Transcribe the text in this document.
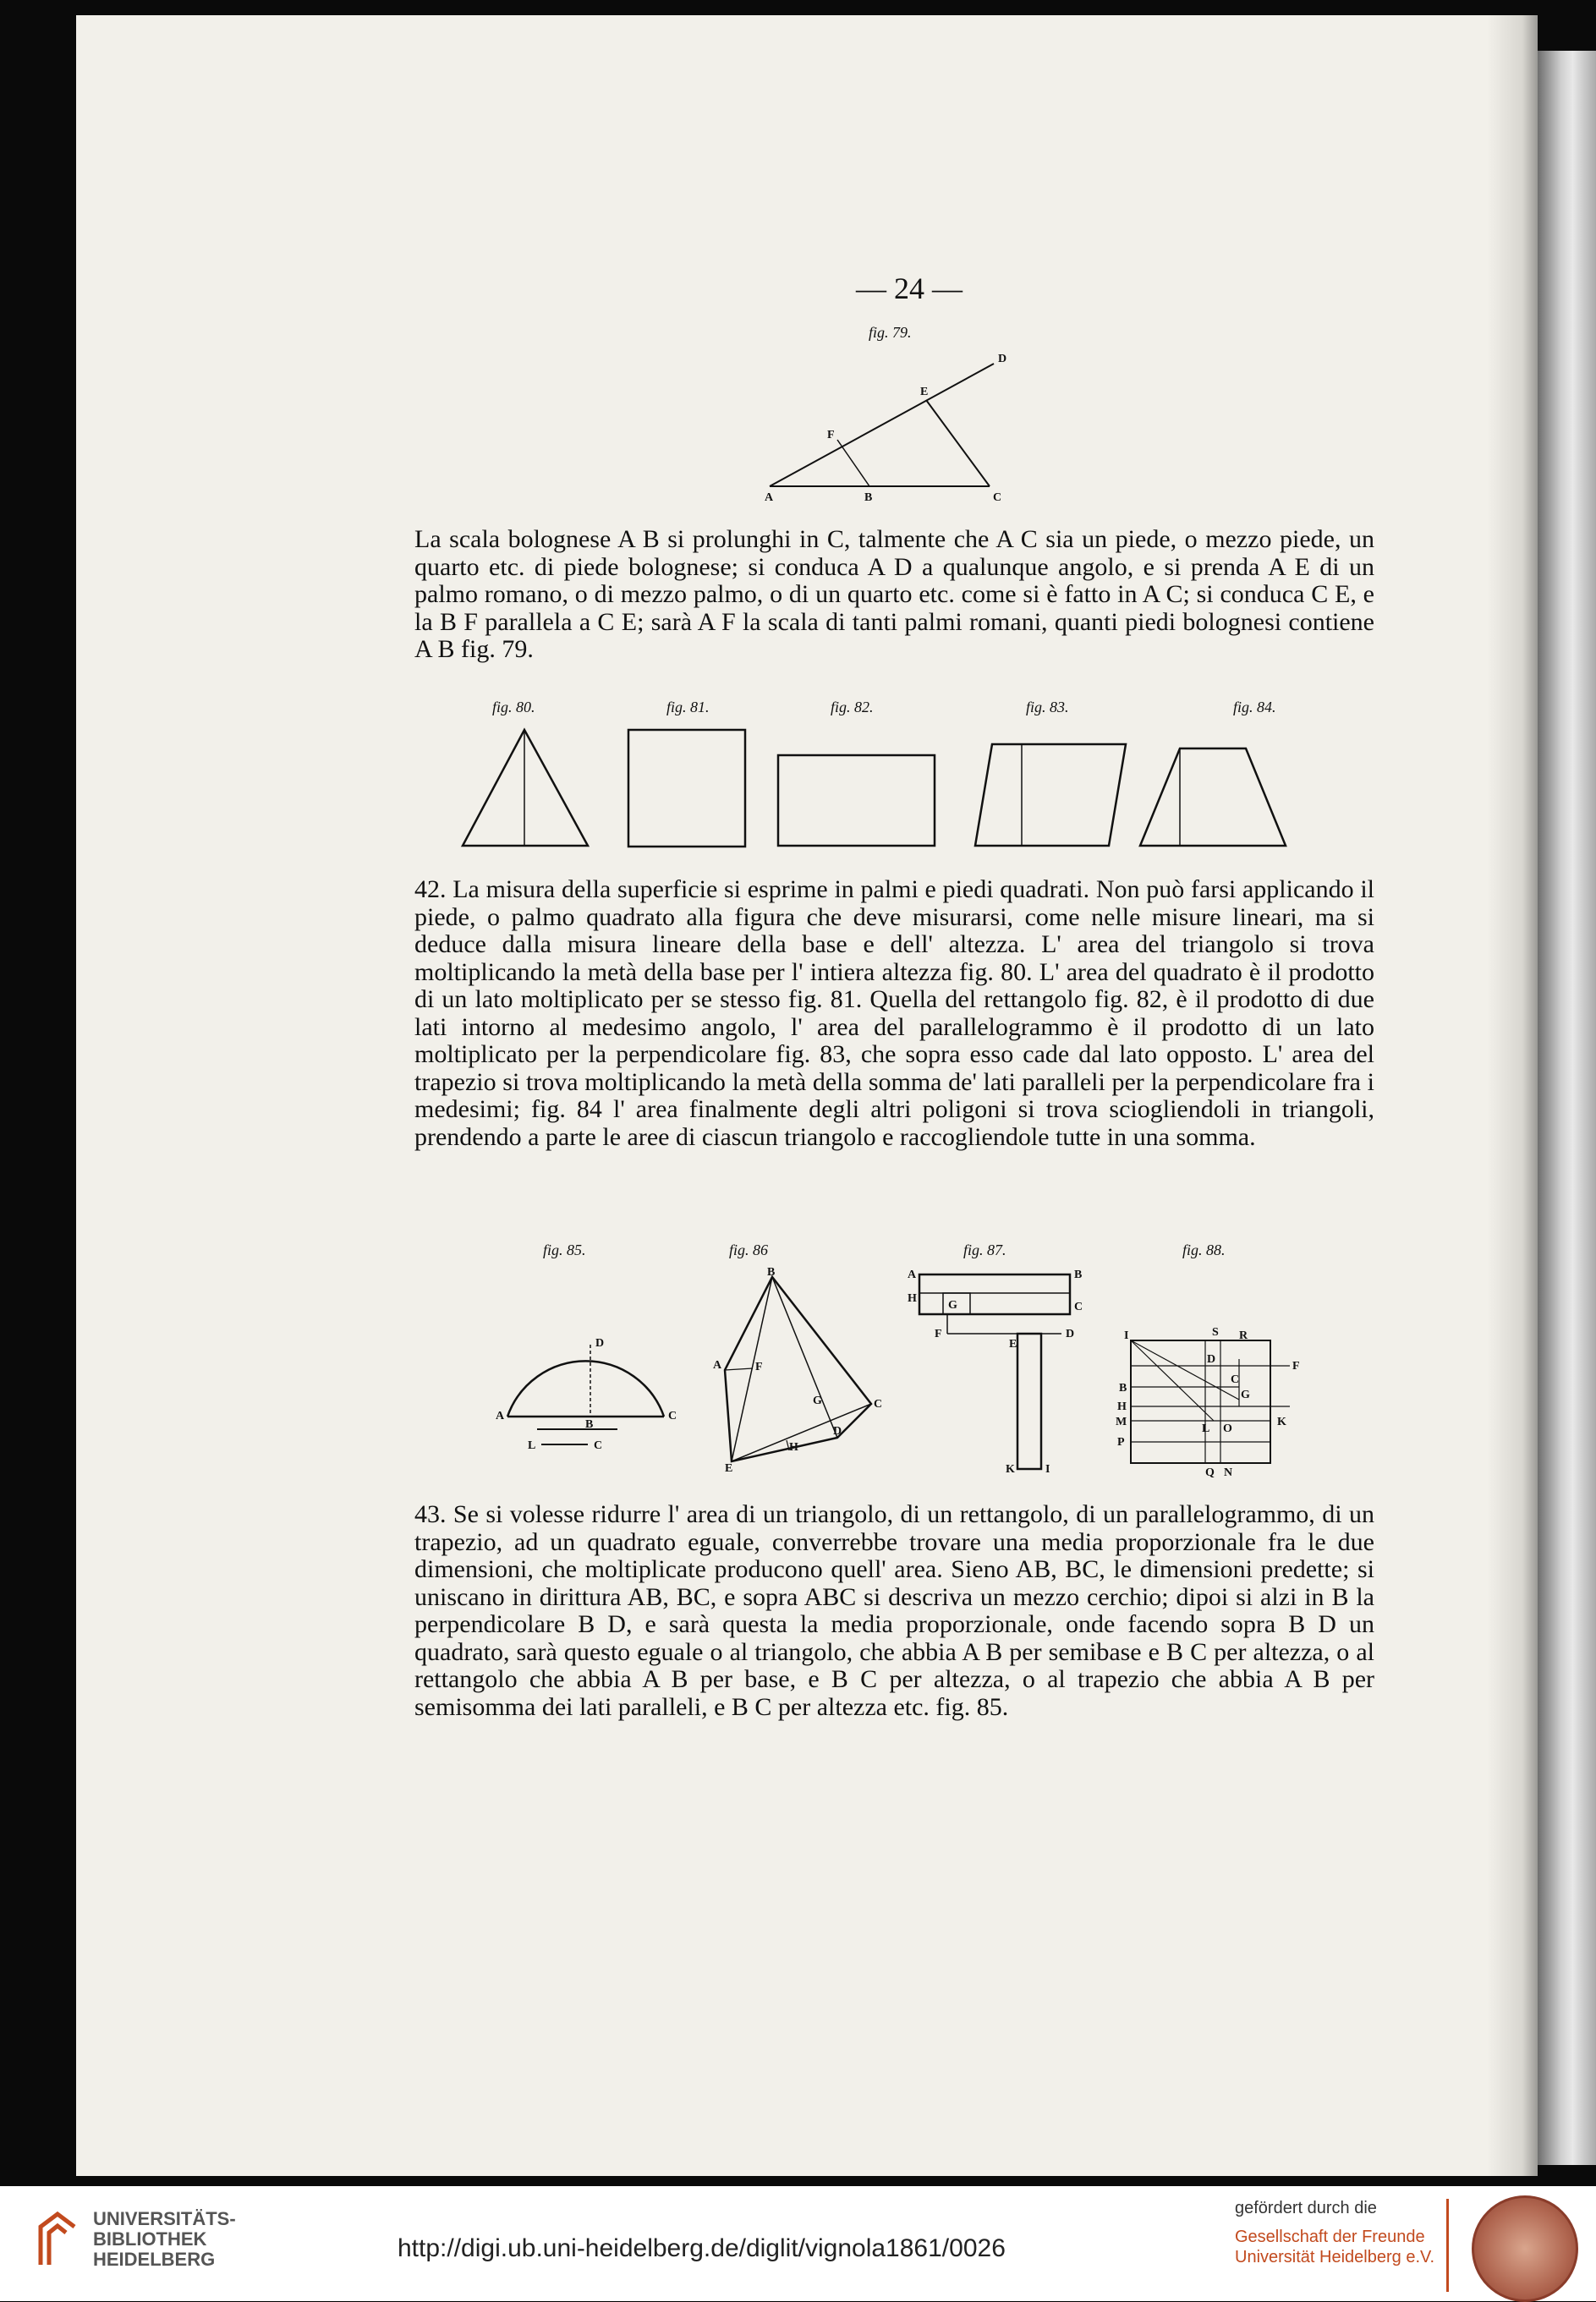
— 24 —
fig. 79.
A	B	C
D
E
F

La scala bolognese A B si prolunghi in C, talmente che A C sia un piede, o mezzo piede, un quarto etc. di piede bolognese; si conduca A D a qualunque angolo, e si prenda A E di un palmo romano, o di mezzo palmo, o di un quarto etc. come si è fatto in A C; si conduca C E, e la B F parallela a C E; sarà A F la scala di tanti palmi romani, quanti piedi bolognesi contiene A B fig. 79.

fig. 80.	fig. 81.	fig. 82.	fig. 83.	fig. 84.

42. La misura della superficie si esprime in palmi e piedi quadrati. Non può farsi applicando il piede, o palmo quadrato alla figura che deve misurarsi, come nelle misure lineari, ma si deduce dalla misura lineare della base e dell' altezza. L' area del triangolo si trova moltiplicando la metà della base per l' intiera altezza fig. 80. L' area del quadrato è il prodotto di un lato moltiplicato per se stesso fig. 81. Quella del rettangolo fig. 82, è il prodotto di due lati intorno al medesimo angolo, l' area del parallelogrammo è il prodotto di un lato moltiplicato per la perpendicolare fig. 83, che sopra esso cade dal lato opposto. L' area del trapezio si trova moltiplicando la metà della somma de' lati paralleli per la perpendicolare fra i medesimi; fig. 84 l' area finalmente degli altri poligoni si trova sciogliendoli in triangoli, prendendo a parte le aree di ciascun triangolo e raccogliendole tutte in una somma.

fig. 85.	fig. 86	fig. 87.	fig. 88.
A
B
C
D
L	C
B
A	F
E
H
D
G	C
A	B
H
G	C
F	D
E
K	I
I	S R
D
F
B
C
G
H
M	K
L O
P
Q N

43. Se si volesse ridurre l' area di un triangolo, di un rettangolo, di un parallelogrammo, di un trapezio, ad un quadrato eguale, converrebbe trovare una media proporzionale fra le due dimensioni, che moltiplicate producono quell' area. Sieno AB, BC, le dimensioni predette; si uniscano in dirittura AB, BC, e sopra ABC si descriva un mezzo cerchio; dipoi si alzi in B la perpendicolare B D, e sarà questa la media proporzionale, onde facendo sopra B D un quadrato, sarà questo eguale o al triangolo, che abbia A B per semibase e B C per altezza, o al rettangolo che abbia A B per base, e B C per altezza, o al trapezio che abbia A B per semisomma dei lati paralleli, e B C per altezza etc. fig. 85.

UNIVERSITÄTS-
BIBLIOTHEK
HEIDELBERG	http://digi.ub.uni-heidelberg.de/diglit/vignola1861/0026
gefördert durch die
Gesellschaft der Freunde
Universität Heidelberg e.V.
